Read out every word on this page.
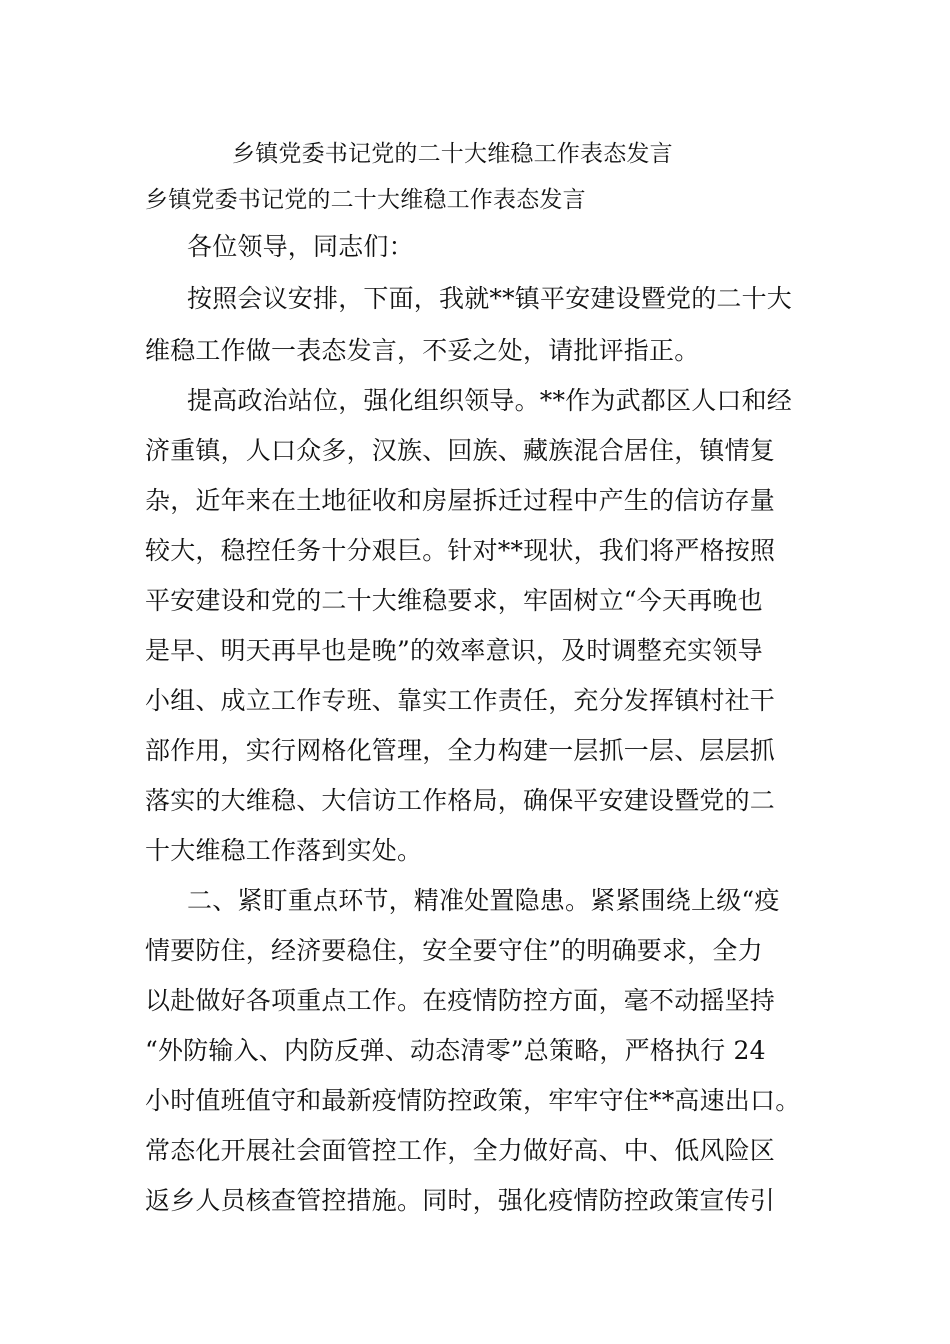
乡镇党委书记党的二十大维稳工作表态发言
乡镇党委书记党的二十大维稳工作表态发言
各位领导，同志们：
按照会议安排，下面，我就**镇平安建设暨党的二十大
维稳工作做一表态发言，不妥之处，请批评指正。
提高政治站位，强化组织领导。**作为武都区人口和经
济重镇，人口众多，汉族、回族、藏族混合居住，镇情复
杂，近年来在土地征收和房屋拆迁过程中产生的信访存量
较大，稳控任务十分艰巨。针对**现状，我们将严格按照
平安建设和党的二十大维稳要求，牢固树立“今天再晚也
是早、明天再早也是晚”的效率意识，及时调整充实领导
小组、成立工作专班、靠实工作责任，充分发挥镇村社干
部作用，实行网格化管理，全力构建一层抓一层、层层抓
落实的大维稳、大信访工作格局，确保平安建设暨党的二
十大维稳工作落到实处。
二、紧盯重点环节，精准处置隐患。紧紧围绕上级“疫
情要防住，经济要稳住，安全要守住”的明确要求，全力
以赴做好各项重点工作。在疫情防控方面，毫不动摇坚持
“外防输入、内防反弹、动态清零”总策略，严格执行 24
小时值班值守和最新疫情防控政策，牢牢守住**高速出口。
常态化开展社会面管控工作，全力做好高、中、低风险区
返乡人员核查管控措施。同时，强化疫情防控政策宣传引
